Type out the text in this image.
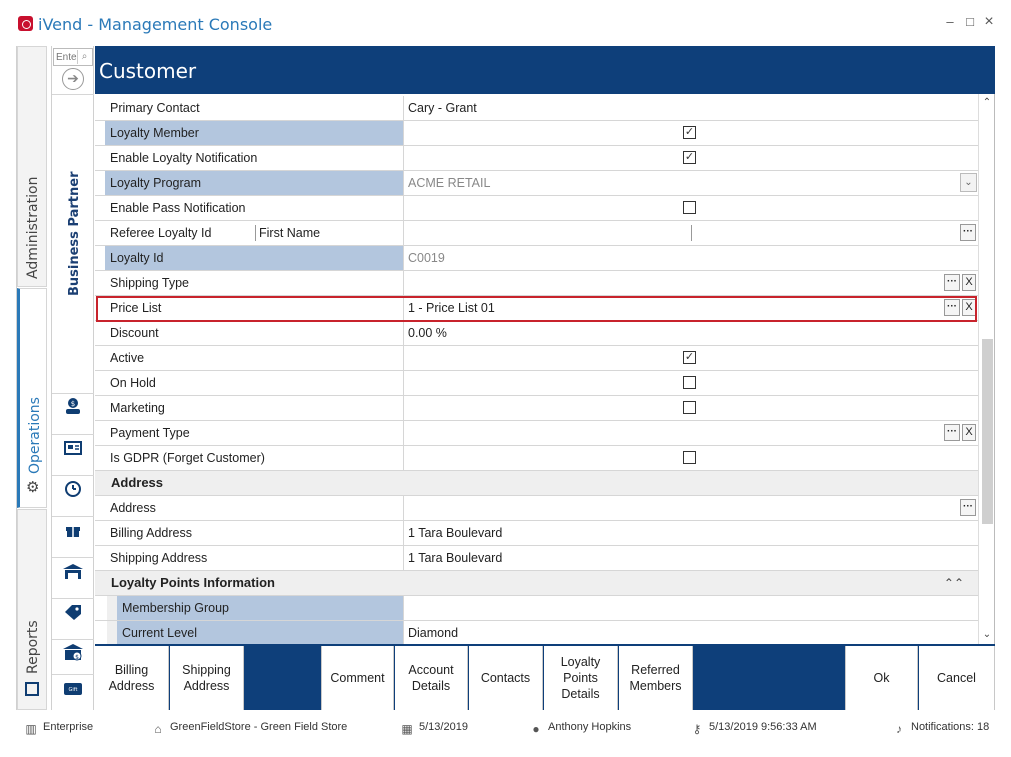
iVend - Management Console	– □ ×
Administration
Operations
⚙
Reports
Enter
⌕
➔
Business Partner
$
$
Gift
Customer
Primary Contact	Cary - Grant
Loyalty Member	✓
Enable Loyalty Notification	✓
Loyalty Program	ACME RETAIL	⌄
Enable Pass Notification
Referee Loyalty Id	First Name	···
Loyalty Id	C0019
Shipping Type	··· X
Price List	1 - Price List 01	··· X
Discount	0.00 %
Active	✓
On Hold
Marketing
Payment Type	··· X
Is GDPR (Forget Customer)
Address
Address	···
Billing Address	1 Tara Boulevard
Shipping Address	1 Tara Boulevard
Loyalty Points Information	⌃⌃
Membership Group
Current Level	Diamond
⌃
⌄
Billing Address
Shipping Address
Comment
Account Details
Contacts
Loyalty Points Details
Referred Members
Ok	Cancel
▥ Enterprise	⌂ GreenFieldStore - Green Field Store	▦ 5/13/2019	● Anthony Hopkins	⚷ 5/13/2019 9:56:33 AM	♪ Notifications: 18
